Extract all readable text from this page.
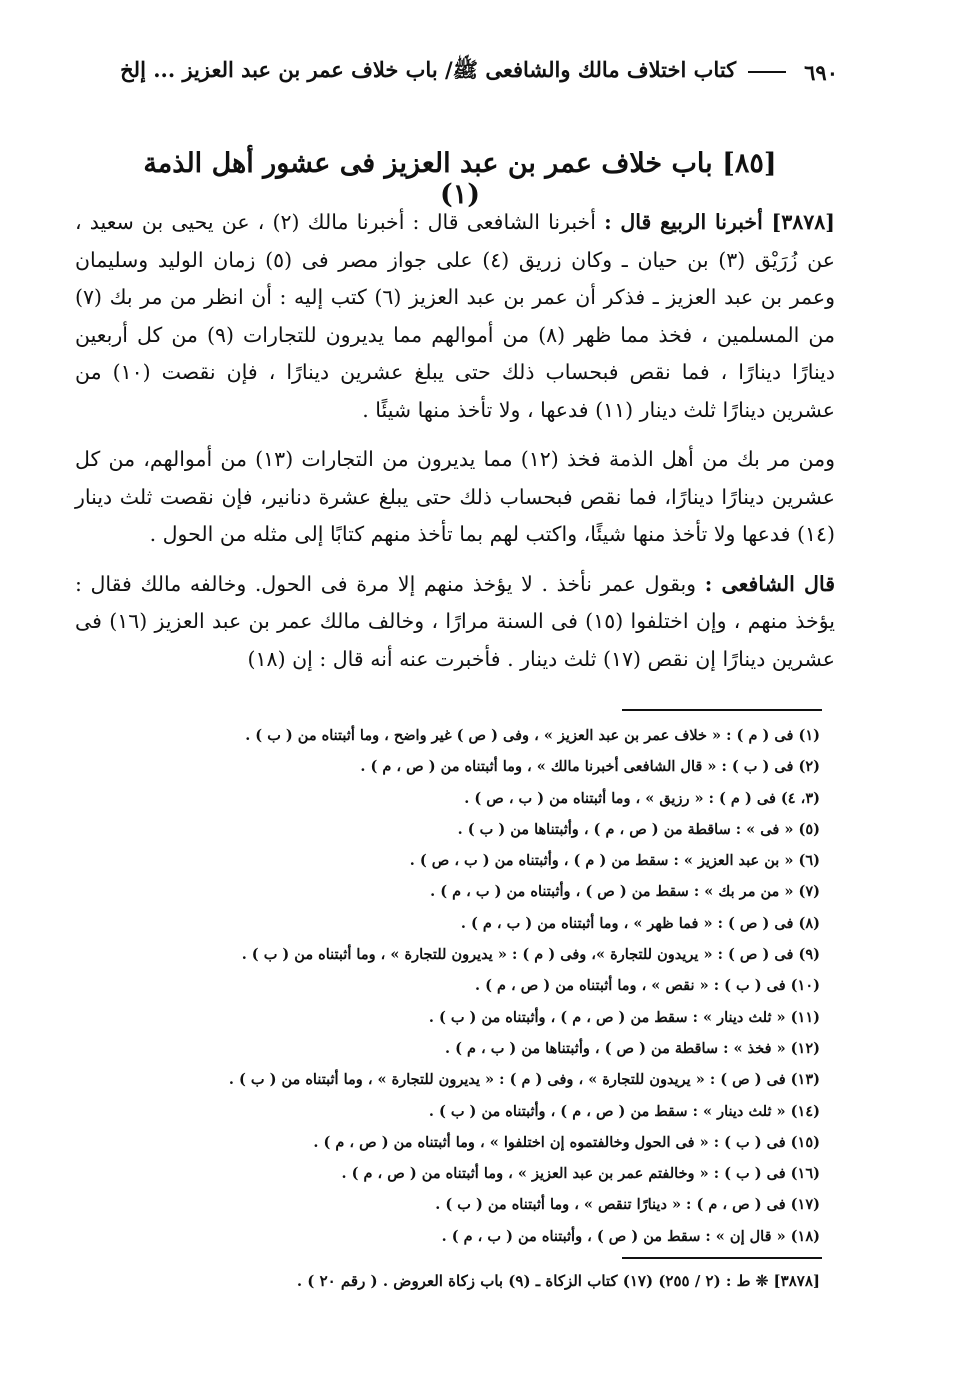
٦٩٠
كتاب اختلاف مالك والشافعى ﷺ/ باب خلاف عمر بن عبد العزيز ... إلخ
[٨٥] باب خلاف عمر بن عبد العزيز فى عشور أهل الذمة (١)

[٣٨٧٨] أخبرنا الربيع قال : أخبرنا الشافعى قال : أخبرنا مالك (٢) ، عن يحيى بن سعيد ، عن زُرَيْق (٣) بن حيان ـ وكان زريق (٤) على جواز مصر فى (٥) زمان الوليد وسليمان وعمر بن عبد العزيز ـ فذكر أن عمر بن عبد العزيز (٦) كتب إليه : أن انظر من مر بك (٧) من المسلمين ، فخذ مما ظهر (٨) من أموالهم مما يديرون للتجارات (٩) من كل أربعين دينارًا دينارًا ، فما نقص فبحساب ذلك حتى يبلغ عشرين دينارًا ، فإن نقصت (١٠) من عشرين دينارًا ثلث دينار (١١) فدعها ، ولا تأخذ منها شيئًا .

ومن مر بك من أهل الذمة فخذ (١٢) مما يديرون من التجارات (١٣) من أموالهم، من كل عشرين دينارًا دينارًا، فما نقص فبحساب ذلك حتى يبلغ عشرة دنانير، فإن نقصت ثلث دينار (١٤) فدعها ولا تأخذ منها شيئًا، واكتب لهم بما تأخذ منهم كتابًا إلى مثله من الحول .

قال الشافعى : وبقول عمر نأخذ . لا يؤخذ منهم إلا مرة فى الحول. وخالفه مالك فقال : يؤخذ منهم ، وإن اختلفوا (١٥) فى السنة مرارًا ، وخالف مالك عمر بن عبد العزيز (١٦) فى عشرين دينارًا إن نقص (١٧) ثلث دينار . فأخبرت عنه أنه قال : إن (١٨)

(١) فى ( م ) : « خلاف عمر بن عبد العزيز » ، وفى ( ص ) غير واضح ، وما أثبتناه من ( ب ) .
(٢) فى ( ب ) : « قال الشافعى أخبرنا مالك » ، وما أثبتناه من ( ص ، م ) .
(٣، ٤) فى ( م ) : « رزيق » ، وما أثبتناه من ( ب ، ص ) .
(٥) « فى » : ساقطة من ( ص ، م ) ، وأثبتناها من ( ب ) .
(٦) « بن عبد العزيز » : سقط من ( م ) ، وأثبتناه من ( ب ، ص ) .
(٧) « من مر بك » : سقط من ( ص ) ، وأثبتناه من ( ب ، م ) .
(٨) فى ( ص ) : « فما ظهر » ، وما أثبتناه من ( ب ، م ) .
(٩) فى ( ص ) : « يريدون للتجارة »، وفى ( م ) : « يديرون للتجارة » ، وما أثبتناه من ( ب ) .
(١٠) فى ( ب ) : « نقص » ، وما أثبتناه من ( ص ، م ) .
(١١) « ثلث دينار » : سقط من ( ص ، م ) ، وأثبتناه من ( ب ) .
(١٢) « فخذ » : ساقطة من ( ص ) ، وأثبتناها من ( ب ، م ) .
(١٣) فى ( ص ) : « يريدون للتجارة » ، وفى ( م ) : « يديرون للتجارة » ، وما أثبتناه من ( ب ) .
(١٤) « ثلث دينار » : سقط من ( ص ، م ) ، وأثبتناه من ( ب ) .
(١٥) فى ( ب ) : « فى الحول وخالفتموه إن اختلفوا » ، وما أثبتناه من ( ص ، م ) .
(١٦) فى ( ب ) : « وخالفتم عمر بن عبد العزيز » ، وما أثبتناه من ( ص ، م ) .
(١٧) فى ( ص ، م ) : « دينارًا تنقص » ، وما أثبتناه من ( ب ) .
(١٨) « قال إن » : سقط من ( ص ) ، وأثبتناه من ( ب ، م ) .
[٣٨٧٨] ❊ ط : (٢ / ٢٥٥) (١٧) كتاب الزكاة ـ (٩) باب زكاة العروض . ( رقم ٢٠ ) .
